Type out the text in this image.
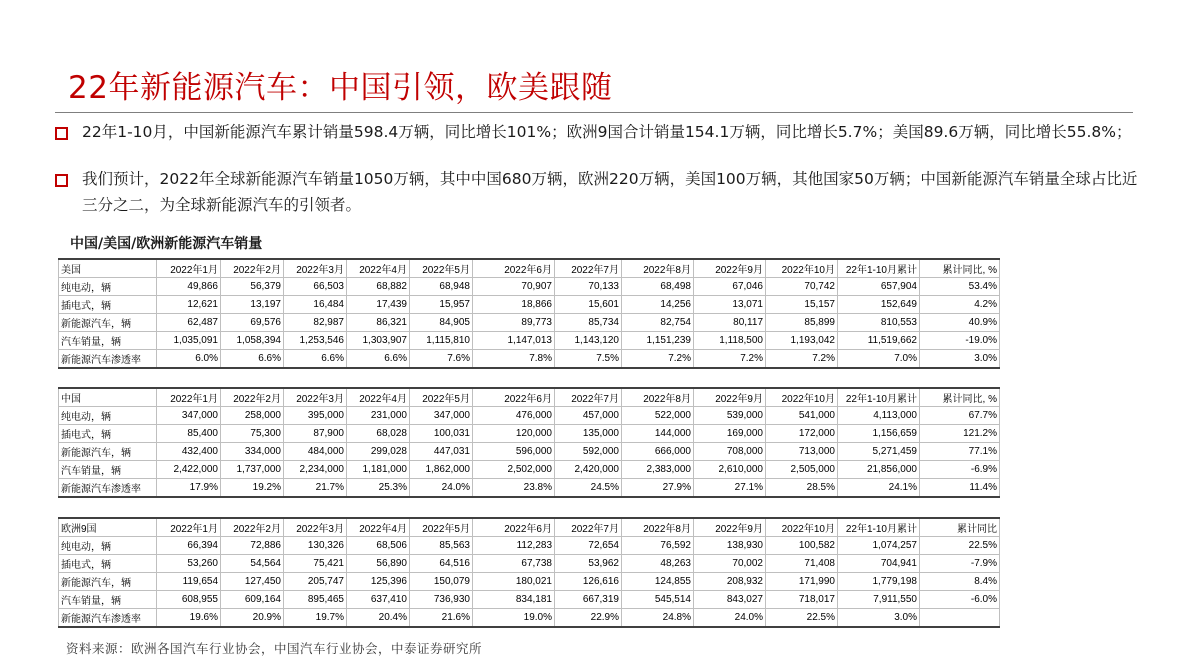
22年新能源汽车：中国引领，欧美跟随
22年1-10月，中国新能源汽车累计销量598.4万辆，同比增长101%；欧洲9国合计销量154.1万辆，同比增长5.7%；美国89.6万辆，同比增长55.8%；
我们预计，2022年全球新能源汽车销量1050万辆，其中中国680万辆，欧洲220万辆，美国100万辆，其他国家50万辆；中国新能源汽车销量全球占比近三分之二，为全球新能源汽车的引领者。
中国/美国/欧洲新能源汽车销量
美国	2022年1月	2022年2月	2022年3月	2022年4月	2022年5月	2022年6月	2022年7月	2022年8月	2022年9月	2022年10月	22年1-10月累计	累计同比, %
纯电动，辆	49,866	56,379	66,503	68,882	68,948	70,907	70,133	68,498	67,046	70,742	657,904	53.4%
插电式，辆	12,621	13,197	16,484	17,439	15,957	18,866	15,601	14,256	13,071	15,157	152,649	4.2%
新能源汽车，辆	62,487	69,576	82,987	86,321	84,905	89,773	85,734	82,754	80,117	85,899	810,553	40.9%
汽车销量，辆	1,035,091	1,058,394	1,253,546	1,303,907	1,115,810	1,147,013	1,143,120	1,151,239	1,118,500	1,193,042	11,519,662	-19.0%
新能源汽车渗透率	6.0%	6.6%	6.6%	6.6%	7.6%	7.8%	7.5%	7.2%	7.2%	7.2%	7.0%	3.0%
中国	2022年1月	2022年2月	2022年3月	2022年4月	2022年5月	2022年6月	2022年7月	2022年8月	2022年9月	2022年10月	22年1-10月累计	累计同比, %
纯电动，辆	347,000	258,000	395,000	231,000	347,000	476,000	457,000	522,000	539,000	541,000	4,113,000	67.7%
插电式，辆	85,400	75,300	87,900	68,028	100,031	120,000	135,000	144,000	169,000	172,000	1,156,659	121.2%
新能源汽车，辆	432,400	334,000	484,000	299,028	447,031	596,000	592,000	666,000	708,000	713,000	5,271,459	77.1%
汽车销量，辆	2,422,000	1,737,000	2,234,000	1,181,000	1,862,000	2,502,000	2,420,000	2,383,000	2,610,000	2,505,000	21,856,000	-6.9%
新能源汽车渗透率	17.9%	19.2%	21.7%	25.3%	24.0%	23.8%	24.5%	27.9%	27.1%	28.5%	24.1%	11.4%
欧洲9国	2022年1月	2022年2月	2022年3月	2022年4月	2022年5月	2022年6月	2022年7月	2022年8月	2022年9月	2022年10月	22年1-10月累计	累计同比
纯电动，辆	66,394	72,886	130,326	68,506	85,563	112,283	72,654	76,592	138,930	100,582	1,074,257	22.5%
插电式，辆	53,260	54,564	75,421	56,890	64,516	67,738	53,962	48,263	70,002	71,408	704,941	-7.9%
新能源汽车，辆	119,654	127,450	205,747	125,396	150,079	180,021	126,616	124,855	208,932	171,990	1,779,198	8.4%
汽车销量，辆	608,955	609,164	895,465	637,410	736,930	834,181	667,319	545,514	843,027	718,017	7,911,550	-6.0%
新能源汽车渗透率	19.6%	20.9%	19.7%	20.4%	21.6%	19.0%	22.9%	24.8%	24.0%	22.5%	3.0%	
资料来源：欧洲各国汽车行业协会，中国汽车行业协会，中泰证券研究所
